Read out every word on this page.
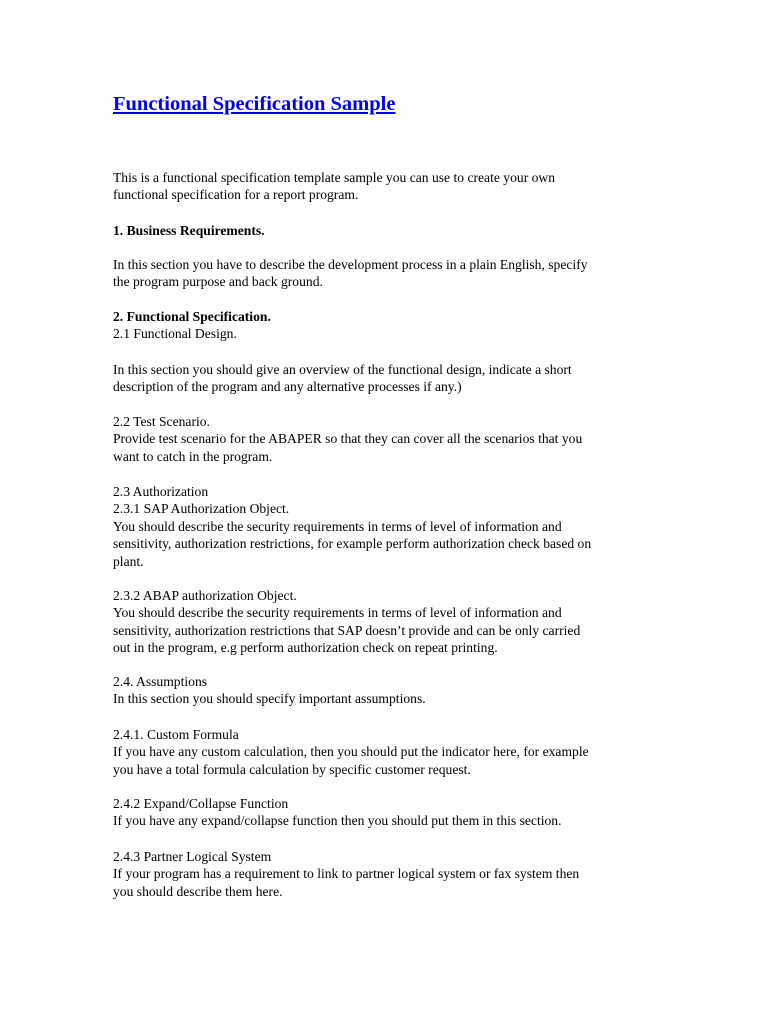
Functional Specification Sample

This is a functional specification template sample you can use to create your own

functional specification for a report program.

1. Business Requirements.

In this section you have to describe the development process in a plain English, specify

the program purpose and back ground.

2. Functional Specification.

2.1 Functional Design.

In this section you should give an overview of the functional design, indicate a short

description of the program and any alternative processes if any.)

2.2 Test Scenario.

Provide test scenario for the ABAPER so that they can cover all the scenarios that you

want to catch in the program.

2.3 Authorization

2.3.1 SAP Authorization Object.

You should describe the security requirements in terms of level of information and

sensitivity, authorization restrictions, for example perform authorization check based on

plant.

2.3.2 ABAP authorization Object.

You should describe the security requirements in terms of level of information and

sensitivity, authorization restrictions that SAP doesn’t provide and can be only carried

out in the program, e.g perform authorization check on repeat printing.

2.4. Assumptions

In this section you should specify important assumptions.

2.4.1. Custom Formula

If you have any custom calculation, then you should put the indicator here, for example

you have a total formula calculation by specific customer request.

2.4.2 Expand/Collapse Function

If you have any expand/collapse function then you should put them in this section.

2.4.3 Partner Logical System

If your program has a requirement to link to partner logical system or fax system then

you should describe them here.
